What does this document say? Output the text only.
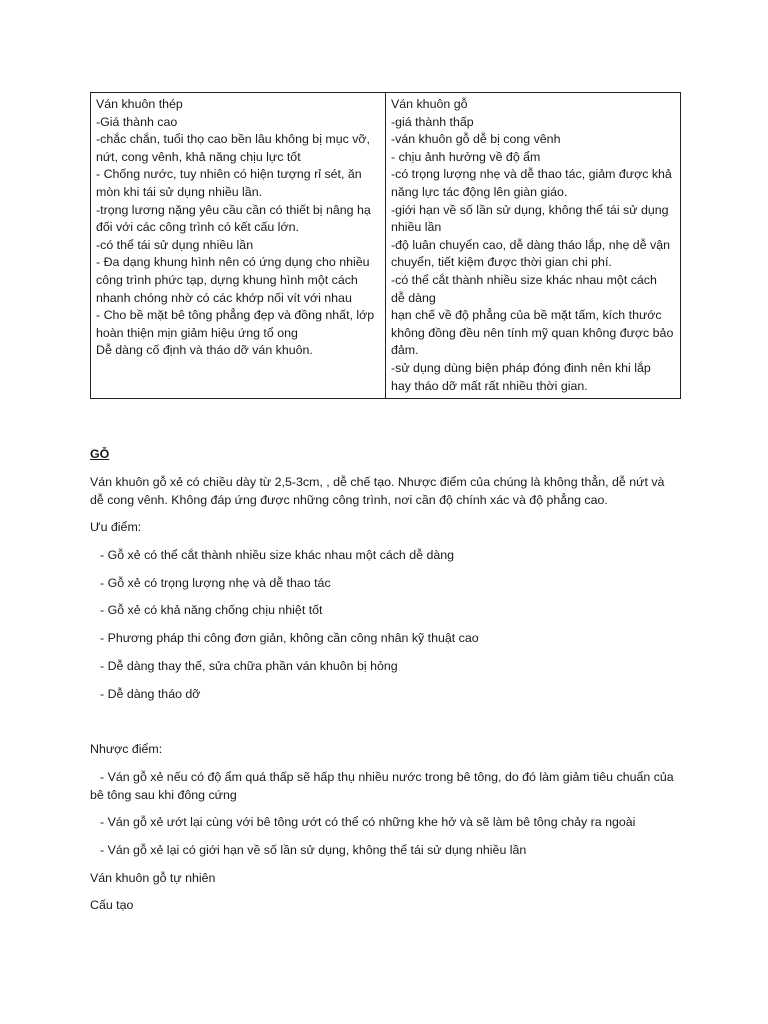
Ván khuôn thép
-Giá thành cao
-chắc chắn, tuổi thọ cao bền lâu không bị mục vỡ, nứt, cong vênh, khả năng chịu lực tốt
- Chống nước, tuy nhiên có hiện tượng rỉ sét, ăn mòn khi tái sử dụng nhiều lần.
-trọng lương nặng yêu cầu cần có thiết bị nâng hạ đối với các công trình có kết cấu lớn.
-có thể tái sử dụng nhiều lần
- Đa dạng khung hình nên có ứng dụng cho nhiều công trình phức tạp, dựng khung hình một cách nhanh chóng nhờ có các khớp nối vít với nhau
- Cho bề mặt bê tông phẳng đẹp và đồng nhất, lớp hoàn thiện mịn giảm hiệu ứng tổ ong
Dễ dàng cố định và tháo dỡ ván khuôn.

Ván khuôn gỗ
-giá thành thấp
-ván khuôn gỗ dễ bị cong vênh
- chịu ảnh hưởng về độ ẩm
-có trọng lượng nhẹ và dễ thao tác, giảm được khả năng lực tác động lên giàn giáo.
-giới hạn về số lần sử dụng, không thể tái sử dụng nhiều lần
-độ luân chuyển cao, dễ dàng tháo lắp, nhẹ dễ vận chuyển, tiết kiệm được thời gian chi phí.
-có thể cắt thành nhiều size khác nhau một cách dễ dàng
hạn chế về độ phẳng của bề mặt tấm, kích thước không đồng đều nên tính mỹ quan không được bảo đảm.
-sử dụng dùng biện pháp đóng đinh nên khi lắp hay tháo dỡ mất rất nhiều thời gian.
GỖ
Ván khuôn gỗ xẻ có chiều dày từ 2,5-3cm, , dễ chế tạo. Nhược điểm của chúng là không thẳn, dễ nứt và dễ cong vênh. Không đáp ứng được những công trình, nơi cần độ chính xác và độ phẳng cao.
Ưu điểm:
- Gỗ xẻ có thể cắt thành nhiều size khác nhau một cách dễ dàng
- Gỗ xẻ có trọng lượng nhẹ và dễ thao tác
- Gỗ xẻ có khả năng chống chịu nhiệt tốt
- Phương pháp thi công đơn giản, không cần công nhân kỹ thuật cao
- Dễ dàng thay thế, sửa chữa phần ván khuôn bị hỏng
- Dễ dàng tháo dỡ
Nhược điểm:
- Ván gỗ xẻ nếu có độ ẩm quá thấp sẽ hấp thụ nhiều nước trong bê tông, do đó làm giảm tiêu chuẩn của bê tông sau khi đông cứng
- Ván gỗ xẻ ướt lại cùng với bê tông ướt có thể có những khe hở và sẽ làm bê tông chảy ra ngoài
- Ván gỗ xẻ lại có giới hạn về số lần sử dụng, không thể tái sử dụng nhiều lần
Ván khuôn gỗ tự nhiên
Cấu tạo
